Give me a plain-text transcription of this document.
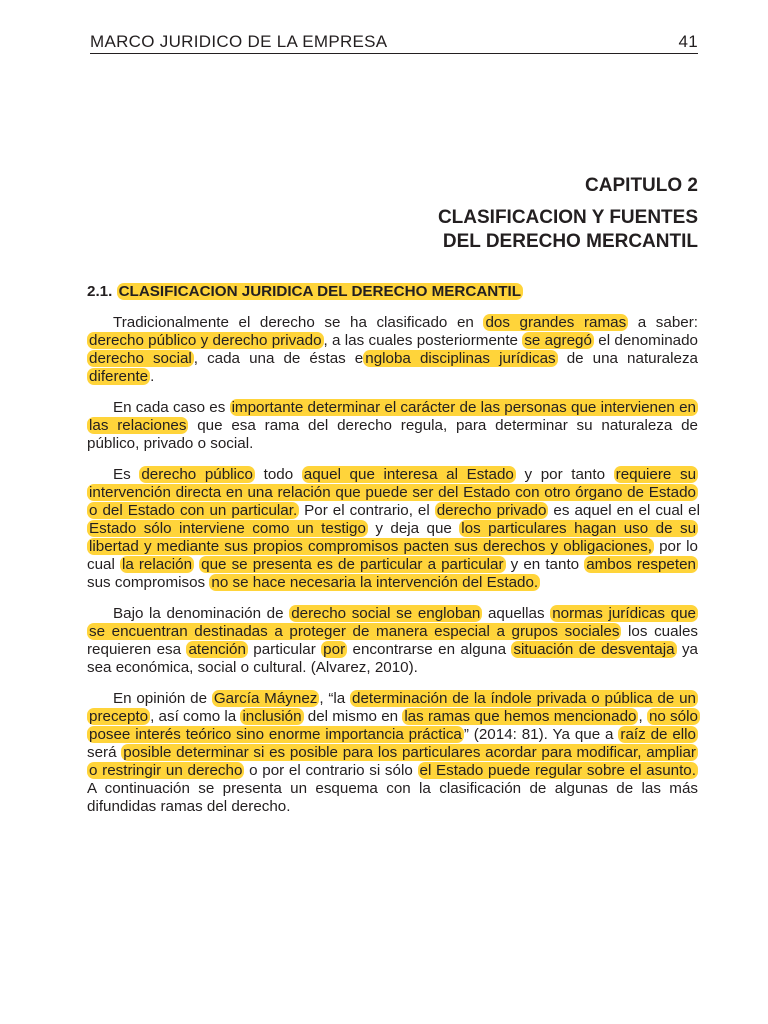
MARCO JURIDICO DE LA EMPRESA	41
CAPITULO 2
CLASIFICACION Y FUENTES
DEL DERECHO MERCANTIL
2.1. CLASIFICACION JURIDICA DEL DERECHO MERCANTIL

Tradicionalmente el derecho se ha clasificado en dos grandes ramas a saber: derecho público y derecho privado , a las cuales posteriormente se agregó el denominado derecho social , cada una de éstas e ngloba disciplinas jurídicas de una naturaleza diferente .

En cada caso es importante determinar el carácter de las personas que intervienen en las relaciones que esa rama del derecho regula, para determinar su naturaleza de público, privado o social.

Es derecho público todo aquel que interesa al Estado y por tanto requiere su intervención directa en una relación que puede ser del Estado con otro órgano de Estado o del Estado con un particular. Por el contrario, el derecho privado es aquel en el cual el Estado sólo interviene como un testigo y deja que los particulares hagan uso de su libertad y mediante sus propios compromisos pacten sus derechos y obligaciones, por lo cual la relación que se presenta es de particular a particular y en tanto ambos respeten sus compromisos no se hace necesaria la intervención del Estado.

Bajo la denominación de derecho social se engloban aquellas normas jurídicas que se encuentran destinadas a proteger de manera especial a grupos sociales los cuales requieren esa atención particular por encontrarse en alguna situación de desventaja ya sea económica, social o cultural. (Alvarez, 2010).

En opinión de García Máynez , “la determinación de la índole privada o pública de un precepto , así como la inclusión del mismo en las ramas que hemos mencionado , no sólo posee interés teórico sino enorme importancia práctica ” (2014: 81). Ya que a raíz de ello será posible determinar si es posible para los particulares acordar para modificar, ampliar o restringir un derecho o por el contrario si sólo el Estado puede regular sobre el asunto. A continuación se presenta un esquema con la clasificación de algunas de las más difundidas ramas del derecho.
